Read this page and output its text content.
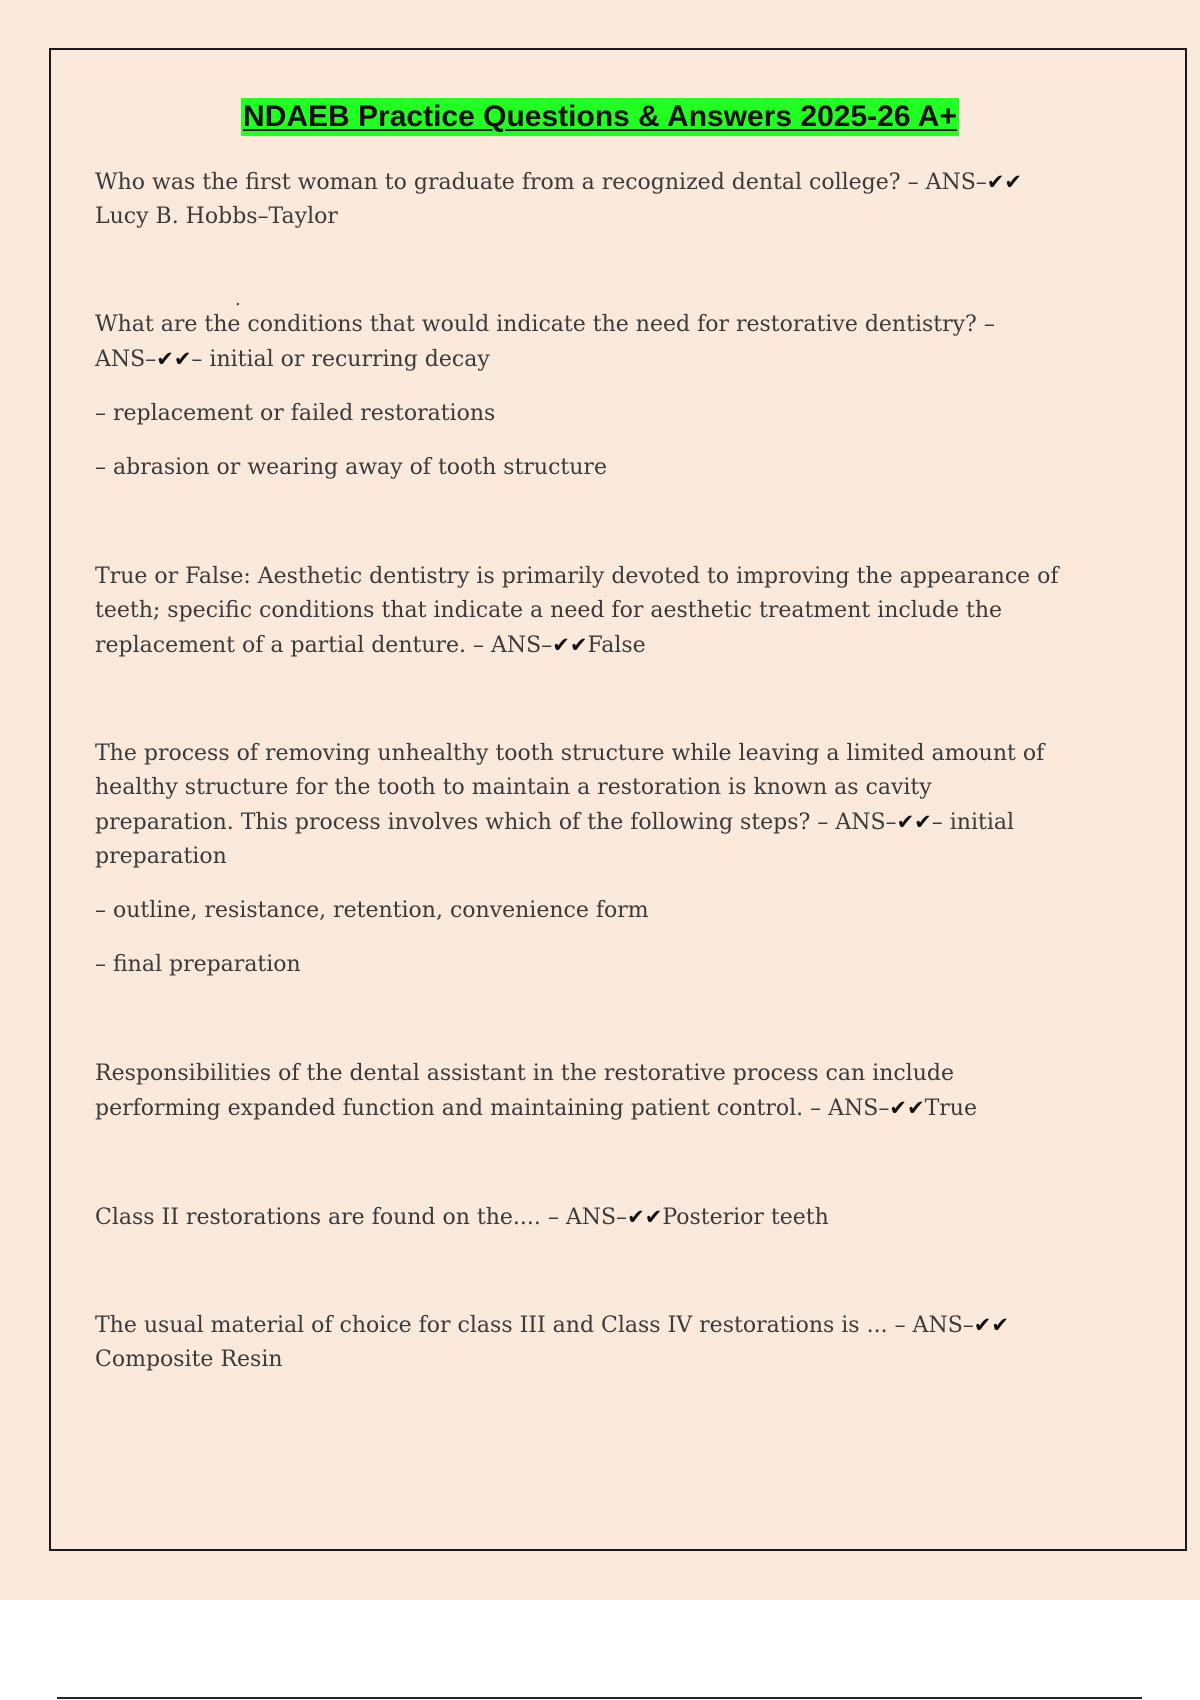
NDAEB Practice Questions & Answers 2025-26 A+

Who was the first woman to graduate from a recognized dental college? – ANS–✔✔

Lucy B. Hobbs–Taylor

.

What are the conditions that would indicate the need for restorative dentistry? –

ANS–✔✔– initial or recurring decay

– replacement or failed restorations

– abrasion or wearing away of tooth structure

True or False: Aesthetic dentistry is primarily devoted to improving the appearance of

teeth; specific conditions that indicate a need for aesthetic treatment include the

replacement of a partial denture. – ANS–✔✔False

The process of removing unhealthy tooth structure while leaving a limited amount of

healthy structure for the tooth to maintain a restoration is known as cavity

preparation. This process involves which of the following steps? – ANS–✔✔– initial

preparation

– outline, resistance, retention, convenience form

– final preparation

Responsibilities of the dental assistant in the restorative process can include

performing expanded function and maintaining patient control. – ANS–✔✔True

Class II restorations are found on the.... – ANS–✔✔Posterior teeth

The usual material of choice for class III and Class IV restorations is ... – ANS–✔✔

Composite Resin
